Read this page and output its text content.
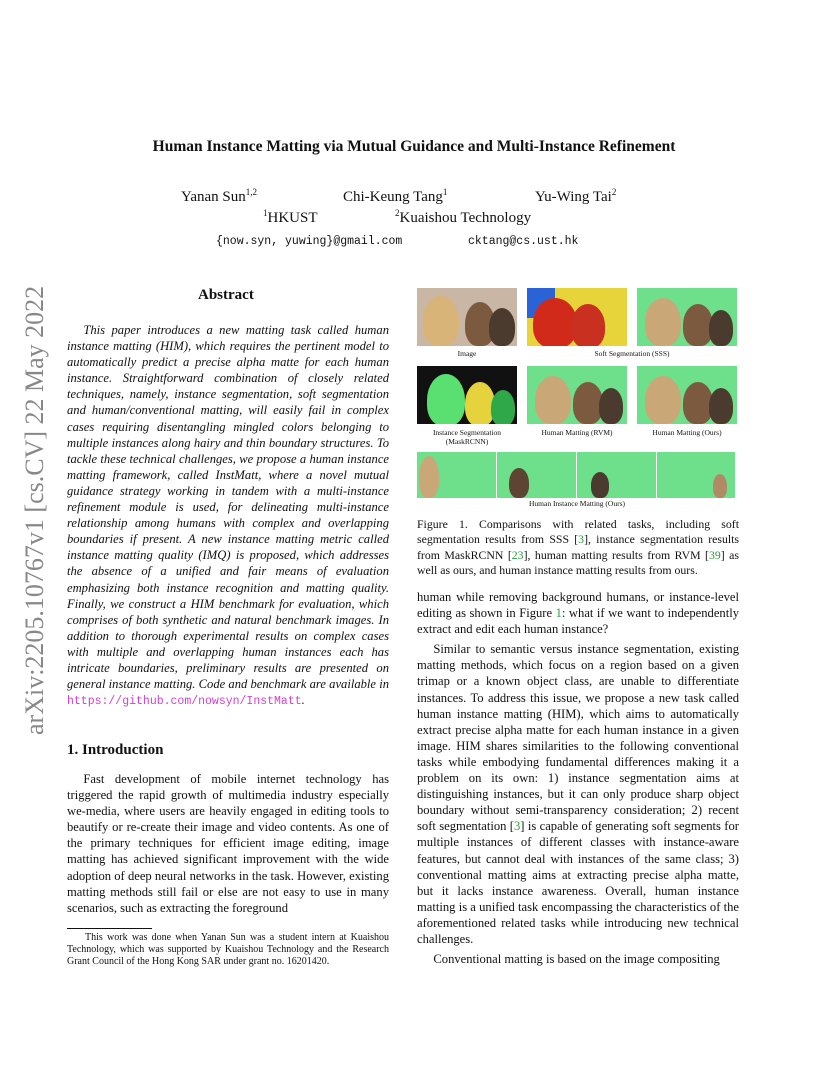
arXiv:2205.10767v1 [cs.CV] 22 May 2022
Human Instance Matting via Mutual Guidance and Multi-Instance Refinement
Yanan Sun$^{1,2}$	Chi-Keung Tang$^1$	Yu-Wing Tai$^2$
$^1$HKUST	$^2$Kuaishou Technology
{now.syn, yuwing}@gmail.com	cktang@cs.ust.hk
Abstract

This paper introduces a new matting task called human instance matting (HIM), which requires the pertinent model to automatically predict a precise alpha matte for each human instance. Straightforward combination of closely related techniques, namely, instance segmentation, soft segmentation and human/conventional matting, will easily fail in complex cases requiring disentangling mingled colors belonging to multiple instances along hairy and thin boundary structures. To tackle these technical challenges, we propose a human instance matting framework, called InstMatt, where a novel mutual guidance strategy working in tandem with a multi-instance refinement module is used, for delineating multi-instance relationship among humans with complex and overlapping boundaries if present. A new instance matting metric called instance matting quality (IMQ) is proposed, which addresses the absence of a unified and fair means of evaluation emphasizing both instance recognition and matting quality. Finally, we construct a HIM benchmark for evaluation, which comprises of both synthetic and natural benchmark images. In addition to thorough experimental results on complex cases with multiple and overlapping human instances each has intricate boundaries, preliminary results are presented on general instance matting. Code and benchmark are available in https://github.com/nowsyn/InstMatt.

1. Introduction

Fast development of mobile internet technology has triggered the rapid growth of multimedia industry especially we-media, where users are heavily engaged in editing tools to beautify or re-create their image and video contents. As one of the primary techniques for efficient image editing, image matting has achieved significant improvement with the wide adoption of deep neural networks in the task. However, existing matting methods still fail or else are not easy to use in many scenarios, such as extracting the foreground

This work was done when Yanan Sun was a student intern at Kuaishou Technology, which was supported by Kuaishou Technology and the Research Grant Council of the Hong Kong SAR under grant no. 16201420.
Image	Soft Segmentation (SSS)
Instance Segmentation (MaskRCNN)
Human Matting (RVM)	Human Matting (Ours)
Human Instance Matting (Ours)
Figure 1. Comparisons with related tasks, including soft segmentation results from SSS [3], instance segmentation results from MaskRCNN [23], human matting results from RVM [39] as well as ours, and human instance matting results from ours.

human while removing background humans, or instance-level editing as shown in Figure 1: what if we want to independently extract and edit each human instance?

Similar to semantic versus instance segmentation, existing matting methods, which focus on a region based on a given trimap or a known object class, are unable to differentiate instances. To address this issue, we propose a new task called human instance matting (HIM), which aims to automatically extract precise alpha matte for each human instance in a given image. HIM shares similarities to the following conventional tasks while embodying fundamental differences making it a problem on its own: 1) instance segmentation aims at distinguishing instances, but it can only produce sharp object boundary without semi-transparency consideration; 2) recent soft segmentation [3] is capable of generating soft segments for multiple instances of different classes with instance-aware features, but cannot deal with instances of the same class; 3) conventional matting aims at extracting precise alpha matte, but it lacks instance awareness. Overall, human instance matting is a unified task encompassing the characteristics of the aforementioned related tasks while introducing new technical challenges.

Conventional matting is based on the image compositing
